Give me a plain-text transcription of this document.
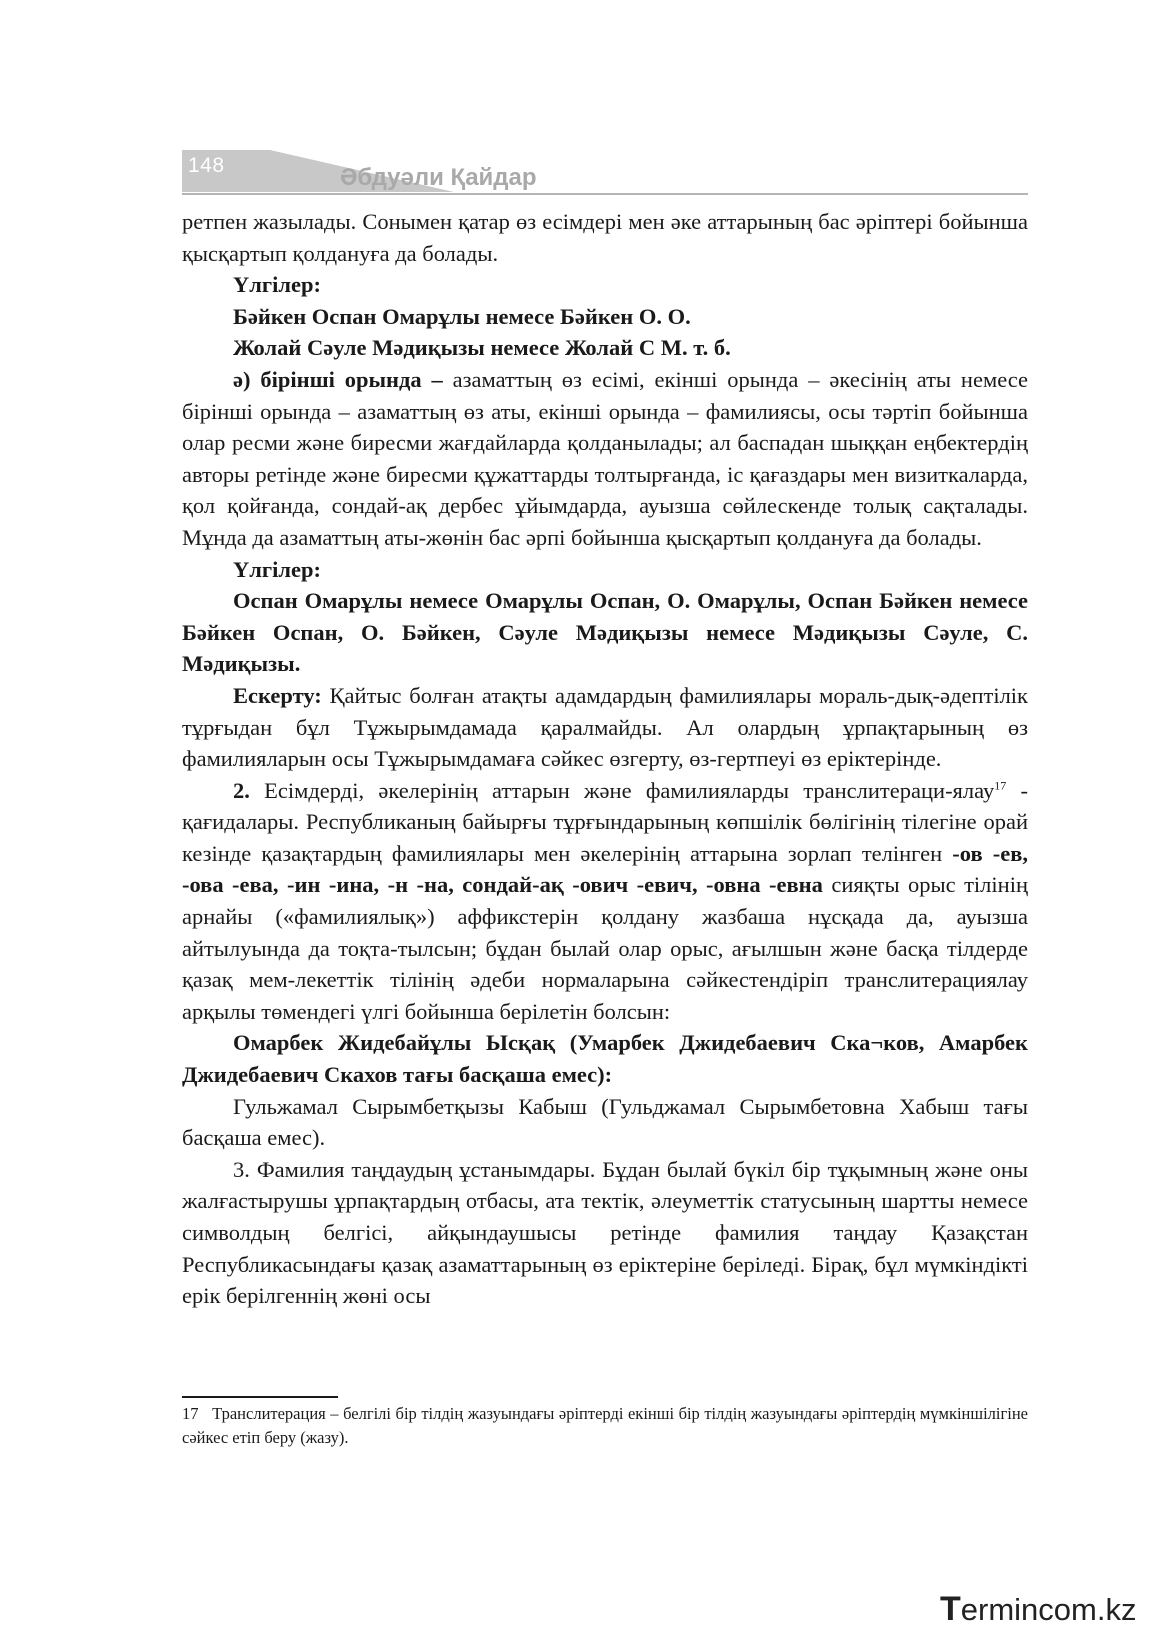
148	Әбдуәли Қайдар

ретпен жазылады. Сонымен қатар өз есімдері мен әке аттарының бас әріптері бойынша қысқартып қолдануға да болады.

Үлгілер:

Бәйкен Оспан Омарұлы немесе Бәйкен О. О.

Жолай Сәуле Мәдиқызы немесе Жолай С М. т. б.

ә) бірінші орында – азаматтың өз есімі, екінші орында – әкесінің аты немесе бірінші орында – азаматтың өз аты, екінші орында – фамилиясы, осы тәртіп бойынша олар ресми және биресми жағдайларда қолданылады; ал баспадан шыққан еңбектердің авторы ретінде және биресми құжаттарды толтырғанда, іс қағаздары мен визиткаларда, қол қойғанда, сондай-ақ дербес ұйымдарда, ауызша сөйлескенде толық сақталады. Мұнда да азаматтың аты-жөнін бас әрпі бойынша қысқартып қолдануға да болады.

Үлгілер:

Оспан Омарұлы немесе Омарұлы Оспан, О. Омарұлы, Оспан Бәйкен немесе Бәйкен Оспан, О. Бәйкен, Сәуле Мәдиқызы немесе Мәдиқызы Сәуле, С. Мәдиқызы.

Ескерту: Қайтыс болған атақты адамдардың фамилиялары мораль-дық-әдептілік тұрғыдан бұл Тұжырымдамада қаралмайды. Ал олардың ұрпақтарының өз фамилияларын осы Тұжырымдамаға сәйкес өзгерту, өз-гертпеуі өз еріктерінде.

2. Есімдерді, әкелерінің аттарын және фамилияларды транслитераци-ялау$^{17}$ - қағидалары. Республиканың байырғы тұрғындарының көпшілік бөлігінің тілегіне орай кезінде қазақтардың фамилиялары мен әкелерінің аттарына зорлап телінген -ов -ев, -ова -ева, -ин -ина, -н -на, сондай-ақ -ович -евич, -овна -евна сияқты орыс тілінің арнайы («фамилиялық») аффикстерін қолдану жазбаша нұсқада да, ауызша айтылуында да тоқта-тылсын; бұдан былай олар орыс, ағылшын және басқа тілдерде қазақ мем-лекеттік тілінің әдеби нормаларына сәйкестендіріп транслитерациялау арқылы төмендегі үлгі бойынша берілетін болсын:

Омарбек Жидебайұлы Ысқақ (Умарбек Джидебаевич Ска¬ков, Амарбек Джидебаевич Скахов тағы басқаша емес):

Гульжамал Сырымбетқызы Кабыш (Гульджамал Сырымбетовна Хабыш тағы басқаша емес).

3. Фамилия таңдаудың ұстанымдары. Бұдан былай бүкіл бір тұқымның және оны жалғастырушы ұрпақтардың отбасы, ата тектік, әлеуметтік статусының шартты немесе символдың белгісі, айқындаушысы ретінде фамилия таңдау Қазақстан Республикасындағы қазақ азаматтарының өз еріктеріне беріледі. Бірақ, бұл мүмкіндікті ерік берілгеннің жөні осы

17 Транслитерация – белгілі бір тілдің жазуындағы әріптерді екінші бір тілдің жазуындағы әріптердің мүмкіншілігіне сәйкес етіп беру (жазу).
Termincom.kz
